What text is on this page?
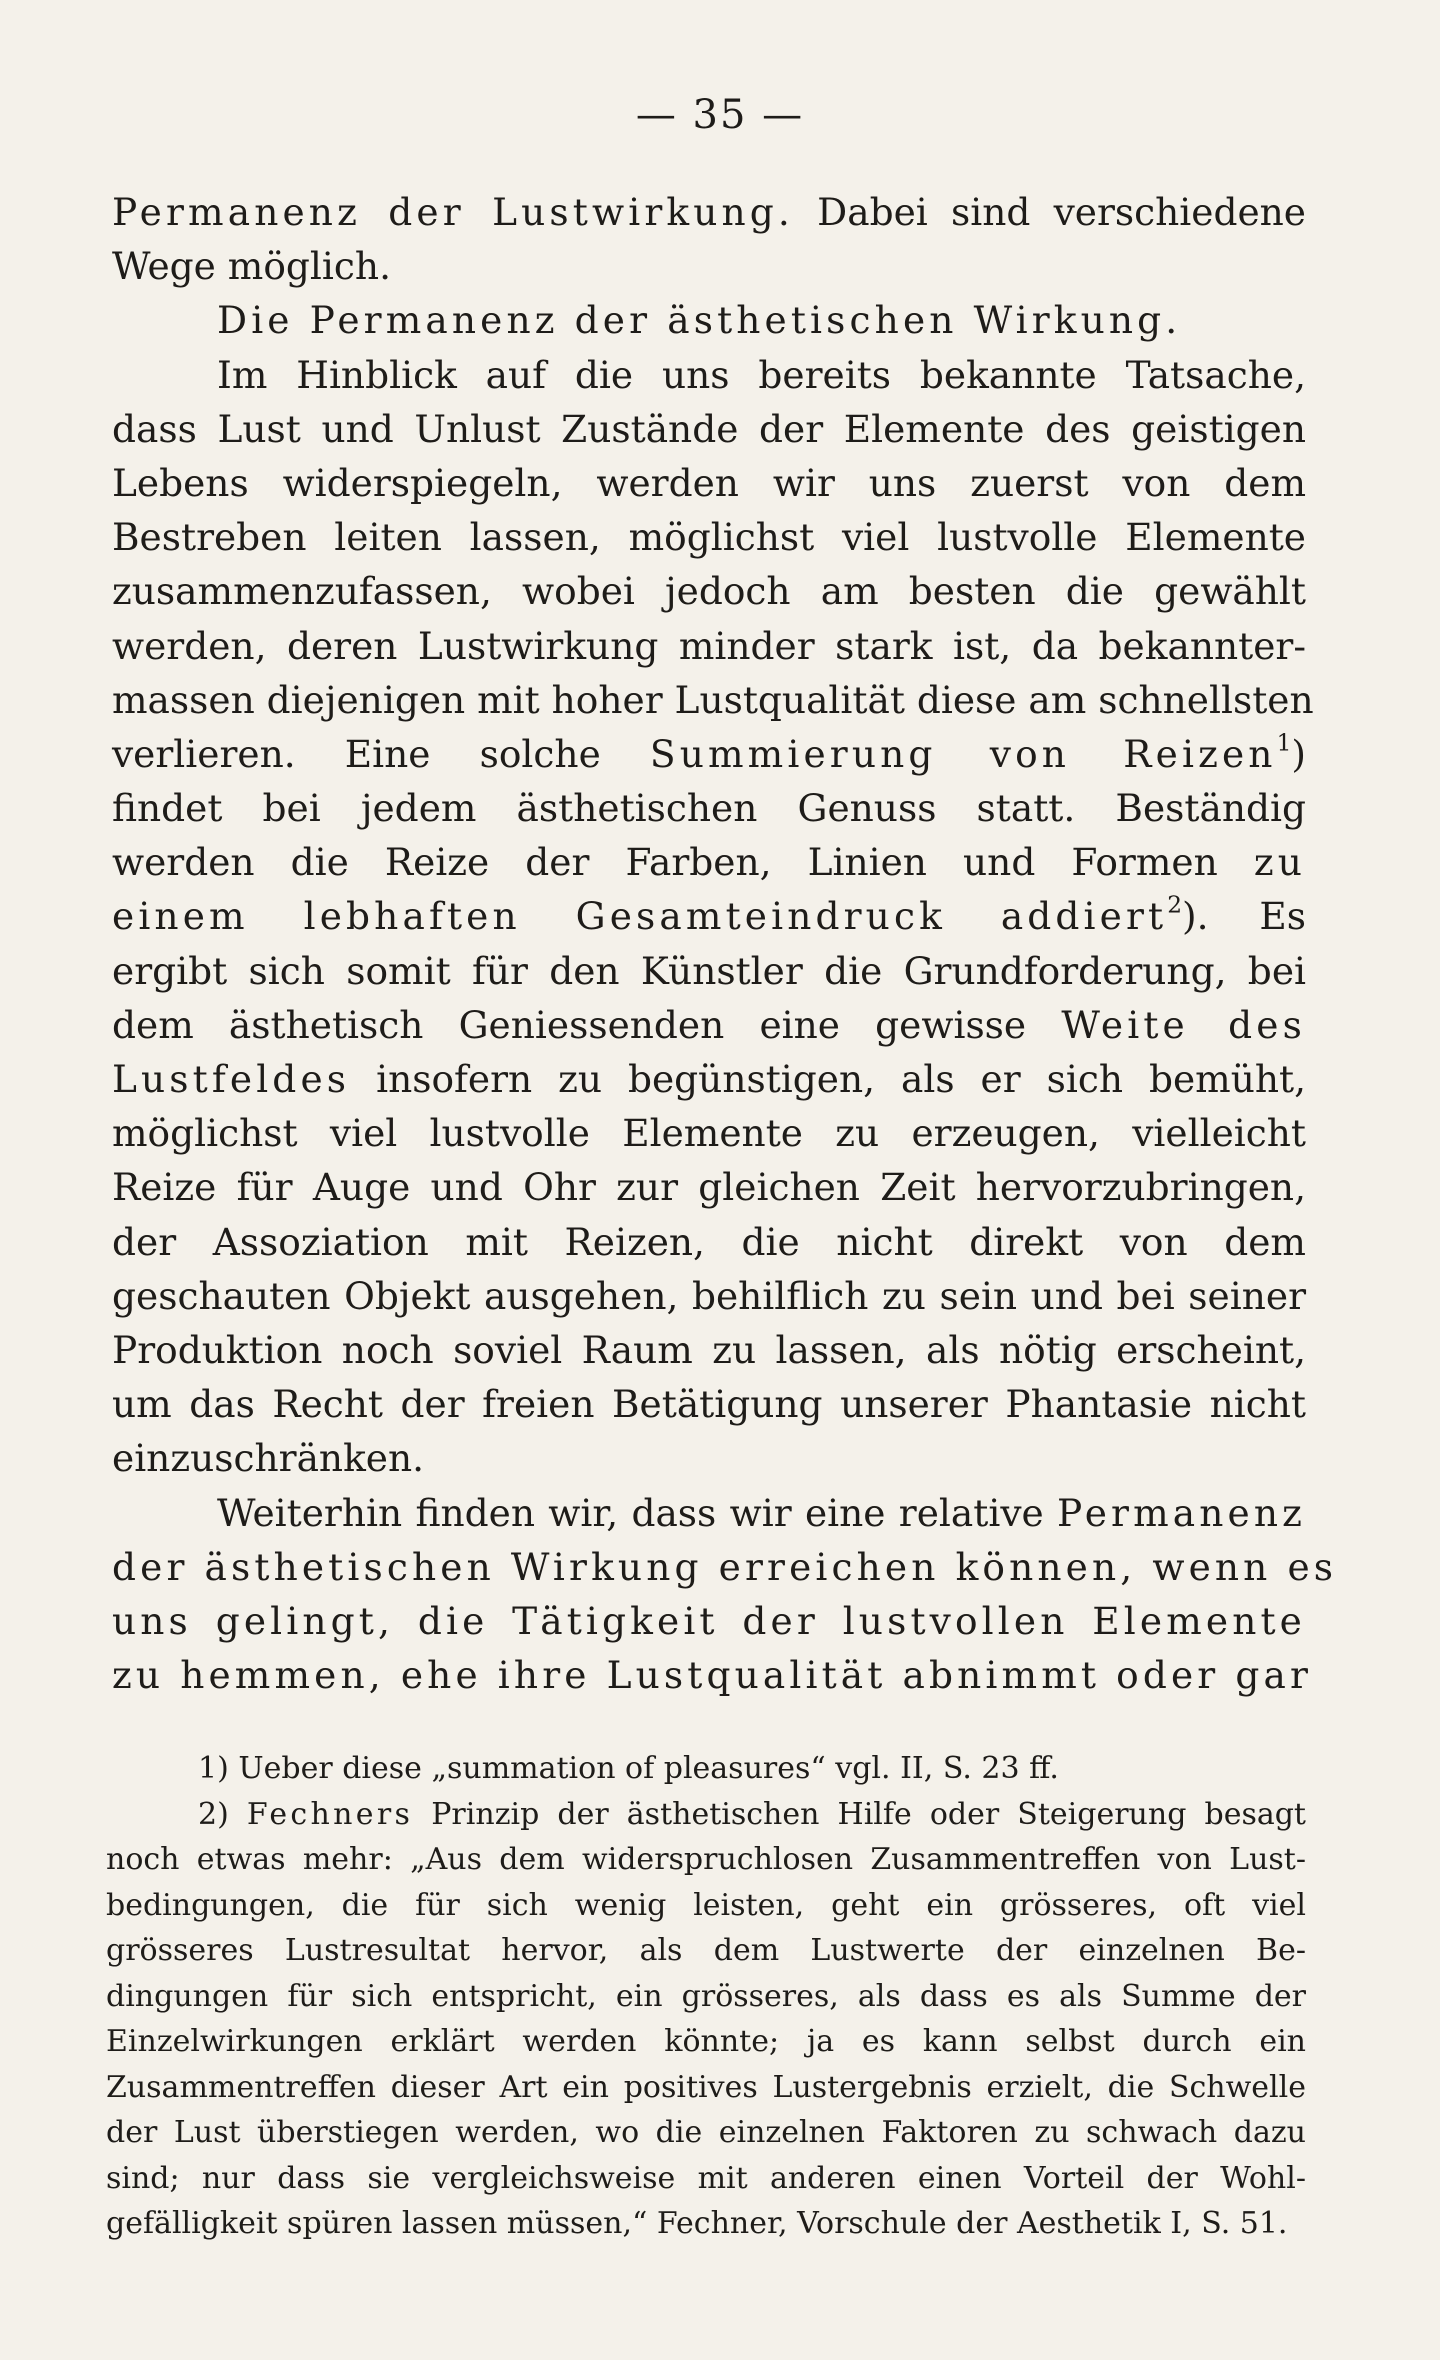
— 35 —
Permanenz der Lustwirkung. Dabei sind verschiedene
Wege möglich.
Die Permanenz der ästhetischen Wirkung.
Im Hinblick auf die uns bereits bekannte Tatsache,
dass Lust und Unlust Zustände der Elemente des geistigen
Lebens widerspiegeln, werden wir uns zuerst von dem
Bestreben leiten lassen, möglichst viel lustvolle Elemente
zusammenzufassen, wobei jedoch am besten die gewählt
werden, deren Lustwirkung minder stark ist, da bekannter-
massen diejenigen mit hoher Lustqualität diese am schnellsten
verlieren. Eine solche Summierung von Reizen$^1$)
findet bei jedem ästhetischen Genuss statt. Beständig
werden die Reize der Farben, Linien und Formen zu
einem lebhaften Gesamteindruck addiert$^2$). Es
ergibt sich somit für den Künstler die Grundforderung, bei
dem ästhetisch Geniessenden eine gewisse Weite des
Lustfeldes insofern zu begünstigen, als er sich bemüht,
möglichst viel lustvolle Elemente zu erzeugen, vielleicht
Reize für Auge und Ohr zur gleichen Zeit hervorzubringen,
der Assoziation mit Reizen, die nicht direkt von dem
geschauten Objekt ausgehen, behilflich zu sein und bei seiner
Produktion noch soviel Raum zu lassen, als nötig erscheint,
um das Recht der freien Betätigung unserer Phantasie nicht
einzuschränken.
Weiterhin finden wir, dass wir eine relative Permanenz
der ästhetischen Wirkung erreichen können, wenn es
uns gelingt, die Tätigkeit der lustvollen Elemente
zu hemmen, ehe ihre Lustqualität abnimmt oder gar
1) Ueber diese „summation of pleasures“ vgl. II, S. 23 ff.
2) Fechners Prinzip der ästhetischen Hilfe oder Steigerung besagt
noch etwas mehr: „Aus dem widerspruchlosen Zusammentreffen von Lust-
bedingungen, die für sich wenig leisten, geht ein grösseres, oft viel
grösseres Lustresultat hervor, als dem Lustwerte der einzelnen Be-
dingungen für sich entspricht, ein grösseres, als dass es als Summe der
Einzelwirkungen erklärt werden könnte; ja es kann selbst durch ein
Zusammentreffen dieser Art ein positives Lustergebnis erzielt, die Schwelle
der Lust überstiegen werden, wo die einzelnen Faktoren zu schwach dazu
sind; nur dass sie vergleichsweise mit anderen einen Vorteil der Wohl-
gefälligkeit spüren lassen müssen,“ Fechner, Vorschule der Aesthetik I, S. 51.
